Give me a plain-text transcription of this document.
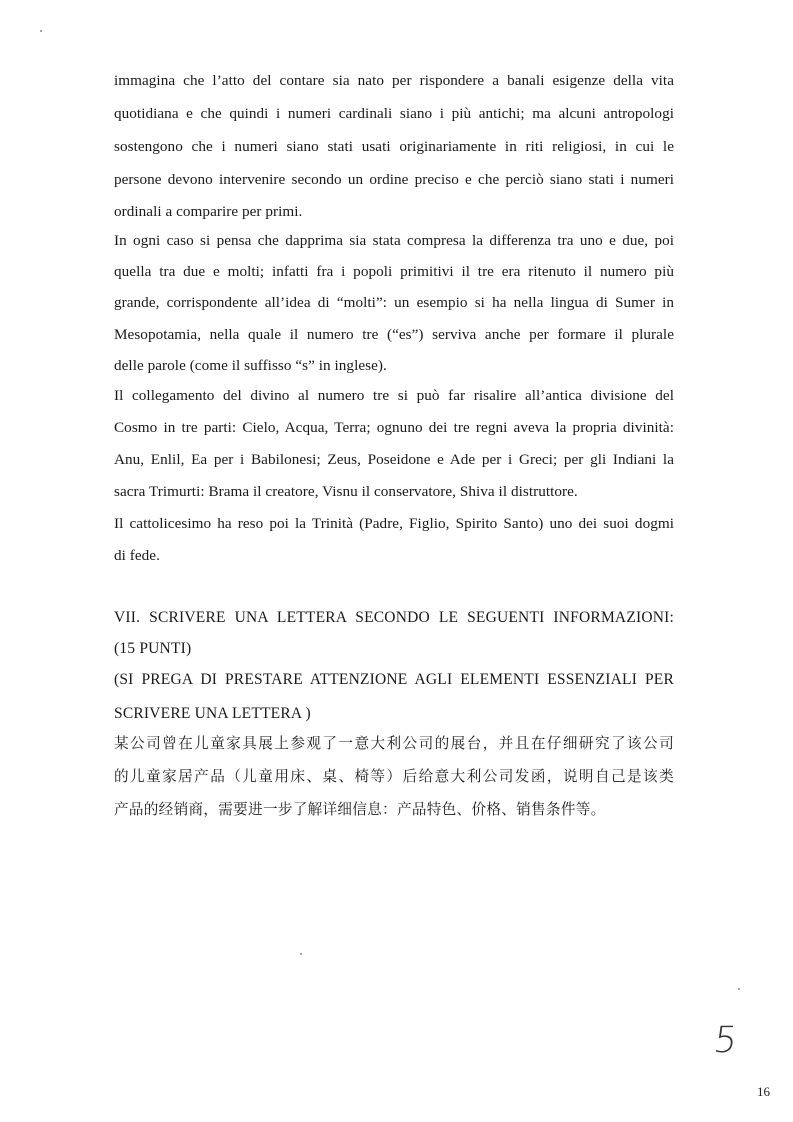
immagina che l’atto del contare sia nato per rispondere a banali esigenze della vita
quotidiana e che quindi i numeri cardinali siano i più antichi; ma alcuni antropologi
sostengono che i numeri siano stati usati originariamente in riti religiosi, in cui le
persone devono intervenire secondo un ordine preciso e che perciò siano stati i numeri
ordinali a comparire per primi.
In ogni caso si pensa che dapprima sia stata compresa la differenza tra uno e due, poi
quella tra due e molti; infatti fra i popoli primitivi il tre era ritenuto il numero più
grande, corrispondente all’idea di “molti”: un esempio si ha nella lingua di Sumer in
Mesopotamia, nella quale il numero tre (“es”) serviva anche per formare il plurale
delle parole (come il suffisso “s” in inglese).
Il collegamento del divino al numero tre si può far risalire all’antica divisione del
Cosmo in tre parti: Cielo, Acqua, Terra; ognuno dei tre regni aveva la propria divinità:
Anu, Enlil, Ea per i Babilonesi; Zeus, Poseidone e Ade per i Greci; per gli Indiani la
sacra Trimurti: Brama il creatore, Visnu il conservatore, Shiva il distruttore.
Il cattolicesimo ha reso poi la Trinità (Padre, Figlio, Spirito Santo) uno dei suoi dogmi
di fede.
VII. SCRIVERE UNA LETTERA SECONDO LE SEGUENTI INFORMAZIONI:
(15 PUNTI)
(SI PREGA DI PRESTARE ATTENZIONE AGLI ELEMENTI ESSENZIALI PER
SCRIVERE UNA LETTERA )
某公司曾在儿童家具展上参观了一意大利公司的展台，并且在仔细研究了该公司
的儿童家居产品（儿童用床、桌、椅等）后给意大利公司发函，说明自己是该类
产品的经销商，需要进一步了解详细信息：产品特色、价格、销售条件等。
5
16
